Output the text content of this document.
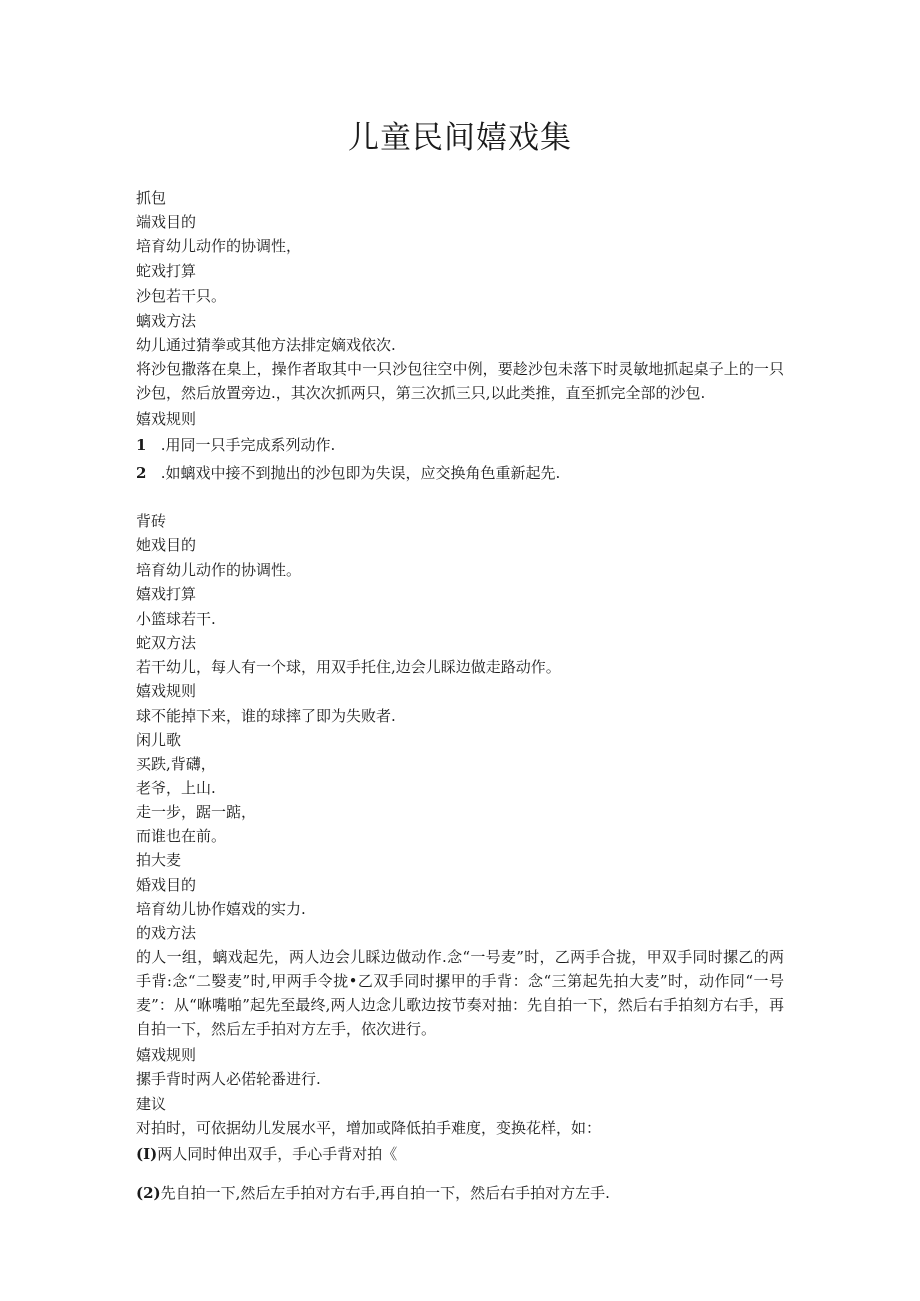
儿童民间嬉戏集

抓包

端戏目的

培育幼儿动作的协调性，

蛇戏打算

沙包若干只。

螭戏方法

幼儿通过猜拳或其他方法排定嫡戏依次.

将沙包撒落在臬上，操作者取其中一只沙包往空中例，要趁沙包未落下时灵敏地抓起桌子上的一只沙包，然后放置旁边.，其次次抓两只，第三次抓三只,以此类推，直至抓完全部的沙包.

嬉戏规则

1 .用同一只手完成系列动作.

2 .如螭戏中接不到抛出的沙包即为失误，应交换角色重新起先.

背砖

她戏目的

培育幼儿动作的协调性。

嬉戏打算

小篮球若干.

蛇双方法

若干幼儿，每人有一个球，用双手托住,边会儿睬边做走路动作。

嬉戏规则

球不能掉下来，谁的球摔了即为失败者.

闲儿歌

买跌,背礴，

老爷，上山.

走一步，踞一踮，

而谁也在前。

拍大麦

婚戏目的

培育幼儿协作嬉戏的实力.

的戏方法

的人一组，螭戏起先，两人边会儿睬边做动作.念“一号麦”时，乙两手合拢，甲双手同时摞乙的两手背:念“二嫛麦”时,甲两手令拢•乙双手同时摞甲的手背：念“三第起先拍大麦”时，动作同“一号麦”：从“咻嘴啪”起先至最终,两人边念儿歌边按节奏对抽：先自拍一下，然后右手拍刻方右手，再自拍一下，然后左手拍对方左手，依次进行。

嬉戏规则

摞手背时两人必偌轮番进行.

建议

对拍时，可依据幼儿发展水平，增加或降低拍手难度，变换花样，如：

(I)两人同时伸出双手，手心手背对拍《

(2)先自拍一下,然后左手拍对方右手,再自拍一下，然后右手拍对方左手.
